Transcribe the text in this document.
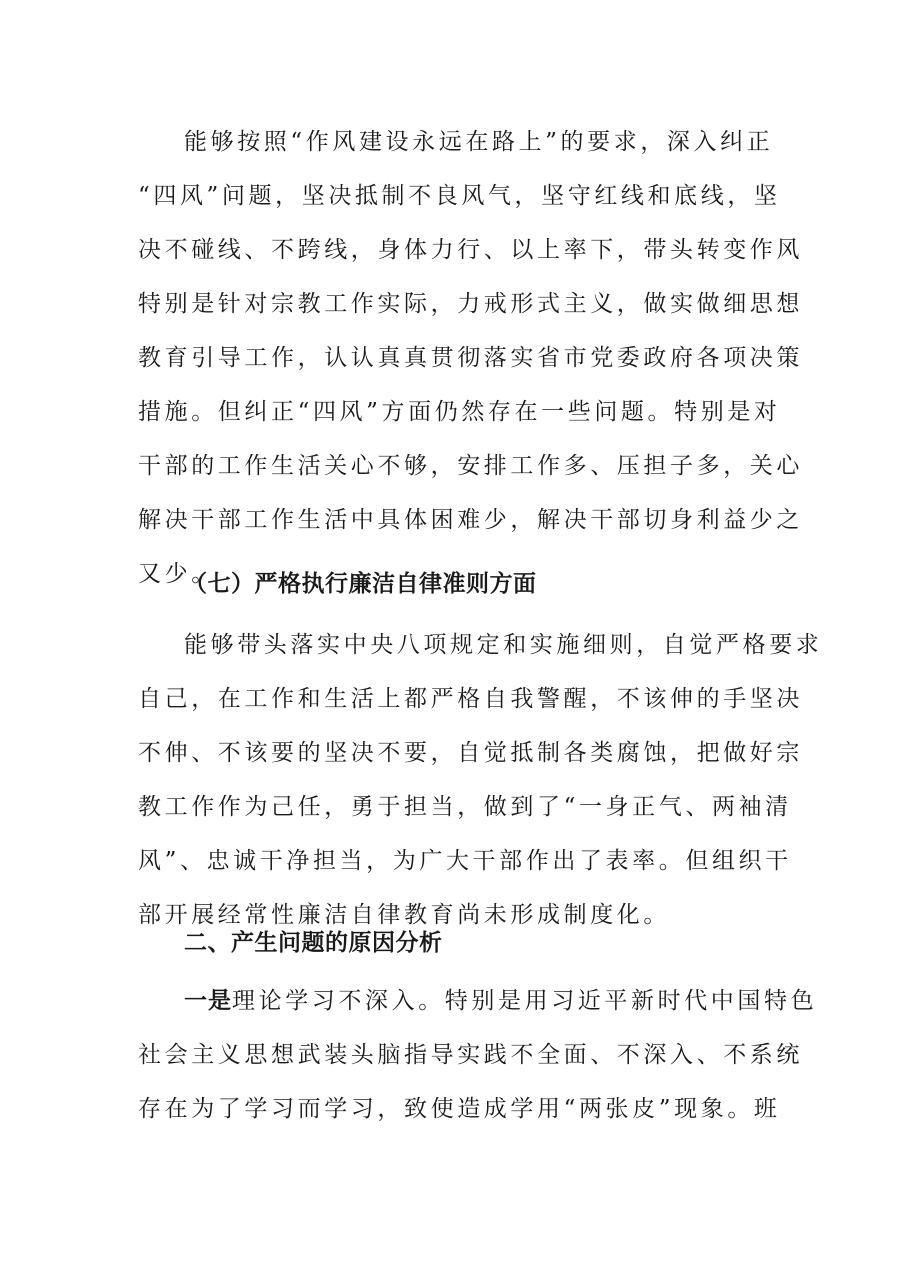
能够按照“作风建设永远在路上”的要求，深入纠正
“四风”问题，坚决抵制不良风气，坚守红线和底线，坚
决不碰线、不跨线，身体力行、以上率下，带头转变作风
特别是针对宗教工作实际，力戒形式主义，做实做细思想
教育引导工作，认认真真贯彻落实省市党委政府各项决策
措施。但纠正“四风”方面仍然存在一些问题。特别是对
干部的工作生活关心不够，安排工作多、压担子多，关心
解决干部工作生活中具体困难少，解决干部切身利益少之
又少。
（七）严格执行廉洁自律准则方面
能够带头落实中央八项规定和实施细则，自觉严格要求
自己，在工作和生活上都严格自我警醒，不该伸的手坚决
不伸、不该要的坚决不要，自觉抵制各类腐蚀，把做好宗
教工作作为己任，勇于担当，做到了“一身正气、两袖清
风”、忠诚干净担当，为广大干部作出了表率。但组织干
部开展经常性廉洁自律教育尚未形成制度化。
二、产生问题的原因分析
一是理论学习不深入。特别是用习近平新时代中国特色
社会主义思想武装头脑指导实践不全面、不深入、不系统
存在为了学习而学习，致使造成学用“两张皮”现象。班
